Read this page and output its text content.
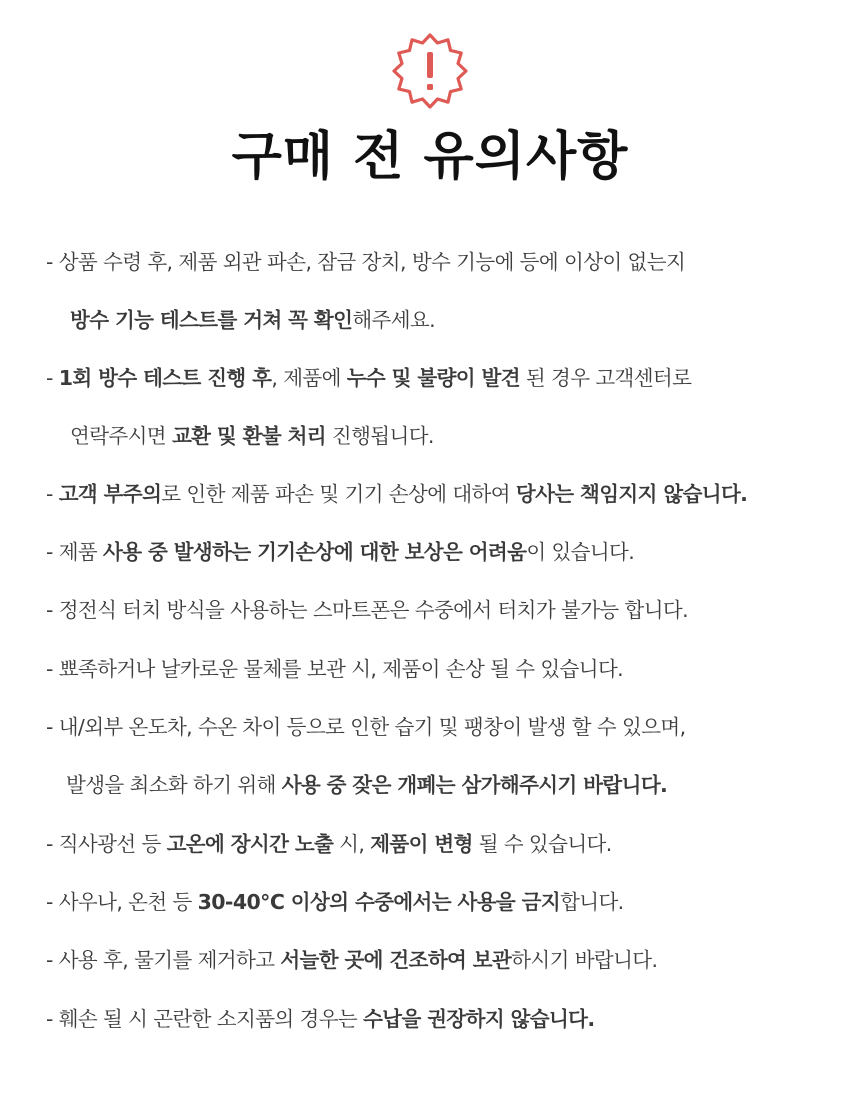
구매 전 유의사항
- 상품 수령 후, 제품 외관 파손, 잠금 장치, 방수 기능에 등에 이상이 없는지
방수 기능 테스트를 거쳐 꼭 확인해주세요.
- 1회 방수 테스트 진행 후, 제품에 누수 및 불량이 발견 된 경우 고객센터로
연락주시면 교환 및 환불 처리 진행됩니다.
- 고객 부주의로 인한 제품 파손 및 기기 손상에 대하여 당사는 책임지지 않습니다.
- 제품 사용 중 발생하는 기기손상에 대한 보상은 어려움이 있습니다.
- 정전식 터치 방식을 사용하는 스마트폰은 수중에서 터치가 불가능 합니다.
- 뾰족하거나 날카로운 물체를 보관 시, 제품이 손상 될 수 있습니다.
- 내/외부 온도차, 수온 차이 등으로 인한 습기 및 팽창이 발생 할 수 있으며,
발생을 최소화 하기 위해 사용 중 잦은 개폐는 삼가해주시기 바랍니다.
- 직사광선 등 고온에 장시간 노출 시, 제품이 변형 될 수 있습니다.
- 사우나, 온천 등 30-40°C 이상의 수중에서는 사용을 금지합니다.
- 사용 후, 물기를 제거하고 서늘한 곳에 건조하여 보관하시기 바랍니다.
- 훼손 될 시 곤란한 소지품의 경우는 수납을 권장하지 않습니다.
